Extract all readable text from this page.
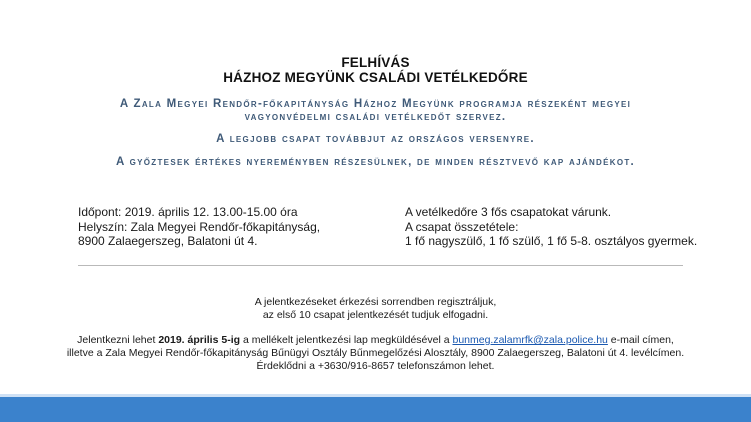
FELHÍVÁS
HÁZHOZ MEGYÜNK CSALÁDI VETÉLKEDŐRE
A Zala Megyei Rendőr-főkapitányság Házhoz Megyünk programja részeként megyei
vagyonvédelmi családi vetélkedőt szervez.
A legjobb csapat továbbjut az országos versenyre.
A győztesek értékes nyereményben részesülnek, de minden résztvevő kap ajándékot.
Időpont: 2019. április 12. 13.00-15.00 óra
Helyszín: Zala Megyei Rendőr-főkapitányság,
8900 Zalaegerszeg, Balatoni út 4.
A vetélkedőre 3 fős csapatokat várunk.
A csapat összetétele:
1 fő nagyszülő, 1 fő szülő, 1 fő 5-8. osztályos gyermek.
A jelentkezéseket érkezési sorrendben regisztráljuk,
az első 10 csapat jelentkezését tudjuk elfogadni.
Jelentkezni lehet 2019. április 5-ig a mellékelt jelentkezési lap megküldésével a bunmeg.zalamrfk@zala.police.hu e-mail címen,
illetve a Zala Megyei Rendőr-főkapitányság Bűnügyi Osztály Bűnmegelőzési Alosztály, 8900 Zalaegerszeg, Balatoni út 4. levélcímen.
Érdeklődni a +3630/916-8657 telefonszámon lehet.
